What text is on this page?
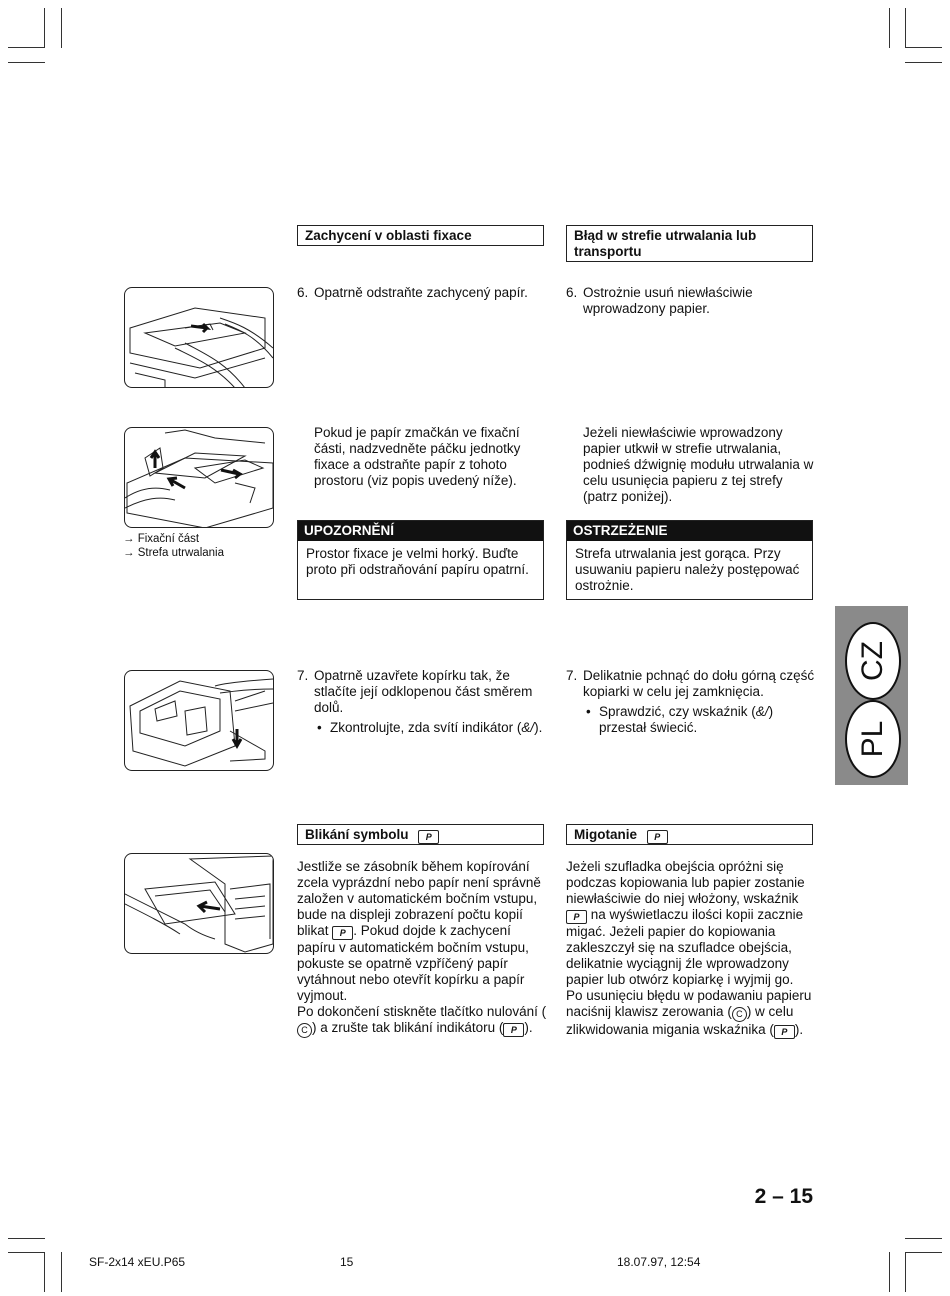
Zachycení v oblasti fixace	Błąd w strefie utrwalania lub transportu
6. Opatrně odstraňte zachycený papír.	6. Ostrożnie usuń niewłaściwie wprowadzony papier.
→ Fixační část
→ Strefa utrwalania
Pokud je papír zmačkán ve fixační části, nadzvedněte páčku jednotky fixace a odstraňte papír z tohoto prostoru (viz popis uvedený níže).
Jeżeli niewłaściwie wprowadzony papier utkwił w strefie utrwalania, podnieś dźwignię modułu utrwalania w celu usunięcia papieru z tej strefy (patrz poniżej).
UPOZORNĚNÍ
Prostor fixace je velmi horký. Buďte proto při odstraňování papíru opatrní.
OSTRZEŻENIE
Strefa utrwalania jest gorąca. Przy usuwaniu papieru należy postępować ostrożnie.
CZ
PL
7. Opatrně uzavřete kopírku tak, že stlačíte její odklopenou část směrem dolů.
• Zkontrolujte, zda svítí indikátor (&/).
7. Delikatnie pchnąć do dołu górną część kopiarki w celu jej zamknięcia.
• Sprawdzić, czy wskaźnik (&/) przestał świecić.
Blikání symbolu P	Migotanie P
Jestliže se zásobník během kopírování zcela vyprázdní nebo papír není správně založen v automatickém bočním vstupu, bude na displeji zobrazení počtu kopií blikat P . Pokud dojde k zachycení papíru v automatickém bočním vstupu, pokuste se opatrně vzpříčený papír vytáhnout nebo otevřít kopírku a papír vyjmout.
Po dokončení stiskněte tlačítko nulování (C ) a zrušte tak blikání indikátoru ( P ).
Jeżeli szufladka obejścia opróżni się podczas kopiowania lub papier zostanie niewłaściwie do niej włożony, wskaźnik P na wyświetlaczu ilości kopii zacznie migać. Jeżeli papier do kopiowania zakleszczył się na szufladce obejścia, delikatnie wyciągnij źle wprowadzony papier lub otwórz kopiarkę i wyjmij go.
Po usunięciu błędu w podawaniu papieru naciśnij klawisz zerowania ( C ) w celu zlikwidowania migania wskaźnika ( P ).
2 – 15
SF-2x14 xEU.P65	15	18.07.97, 12:54
